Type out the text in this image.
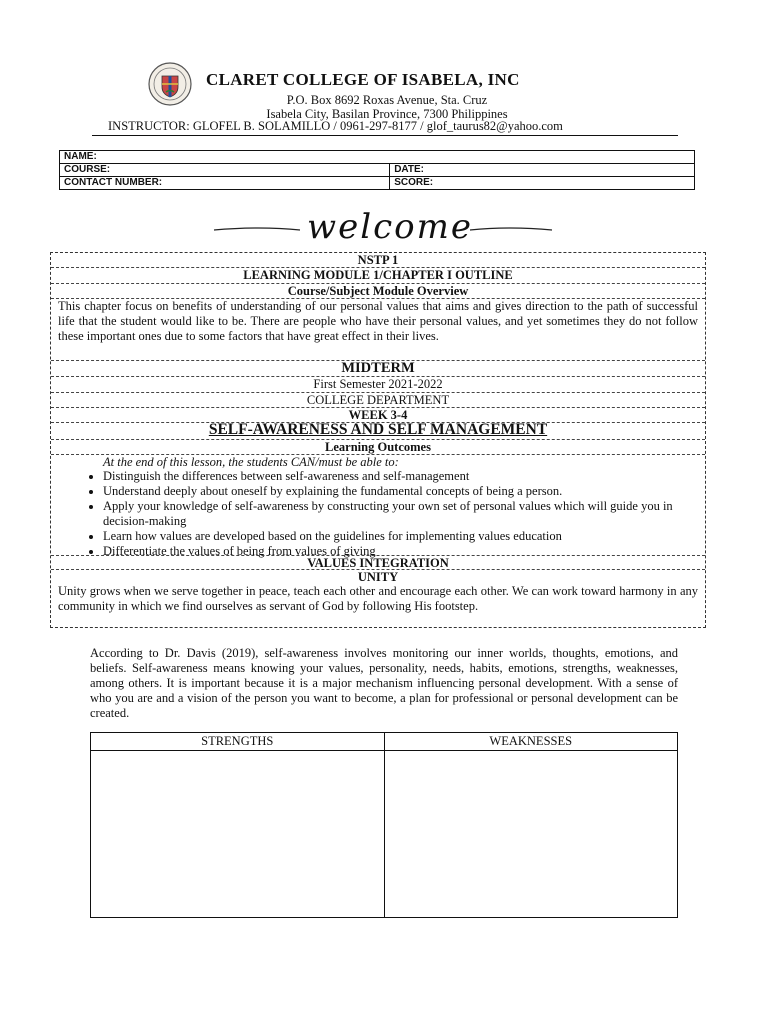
CLARET COLLEGE OF ISABELA, INC
P.O. Box 8692 Roxas Avenue, Sta. Cruz
Isabela City, Basilan Province, 7300 Philippines
INSTRUCTOR: GLOFEL B. SOLAMILLO / 0961-297-8177 / glof_taurus82@yahoo.com
NAME:	
COURSE:	DATE:
CONTACT NUMBER:	SCORE:
welcome
NSTP 1
LEARNING MODULE 1/CHAPTER I OUTLINE
Course/Subject Module Overview
This chapter focus on benefits of understanding of our personal values that aims and gives direction to the path of successful life that the student would like to be. There are people who have their personal values, and yet sometimes they do not follow these important ones due to some factors that have great effect in their lives.
MIDTERM
First Semester 2021-2022
COLLEGE DEPARTMENT
WEEK 3-4
SELF-AWARENESS AND SELF MANAGEMENT
Learning Outcomes
At the end of this lesson, the students CAN/must be able to:
• Distinguish the differences between self-awareness and self-management
• Understand deeply about oneself by explaining the fundamental concepts of being a person.
• Apply your knowledge of self-awareness by constructing your own set of personal values which will guide you in decision-making
• Learn how values are developed based on the guidelines for implementing values education
• Differentiate the values of being from values of giving
VALUES INTEGRATION
UNITY
Unity grows when we serve together in peace, teach each other and encourage each other. We can work toward harmony in any community in which we find ourselves as servant of God by following His footstep.
According to Dr. Davis (2019), self-awareness involves monitoring our inner worlds, thoughts, emotions, and beliefs. Self-awareness means knowing your values, personality, needs, habits, emotions, strengths, weaknesses, among others. It is important because it is a major mechanism influencing personal development. With a sense of who you are and a vision of the person you want to become, a plan for professional or personal development can be created.
STRENGTHS	WEAKNESSES
